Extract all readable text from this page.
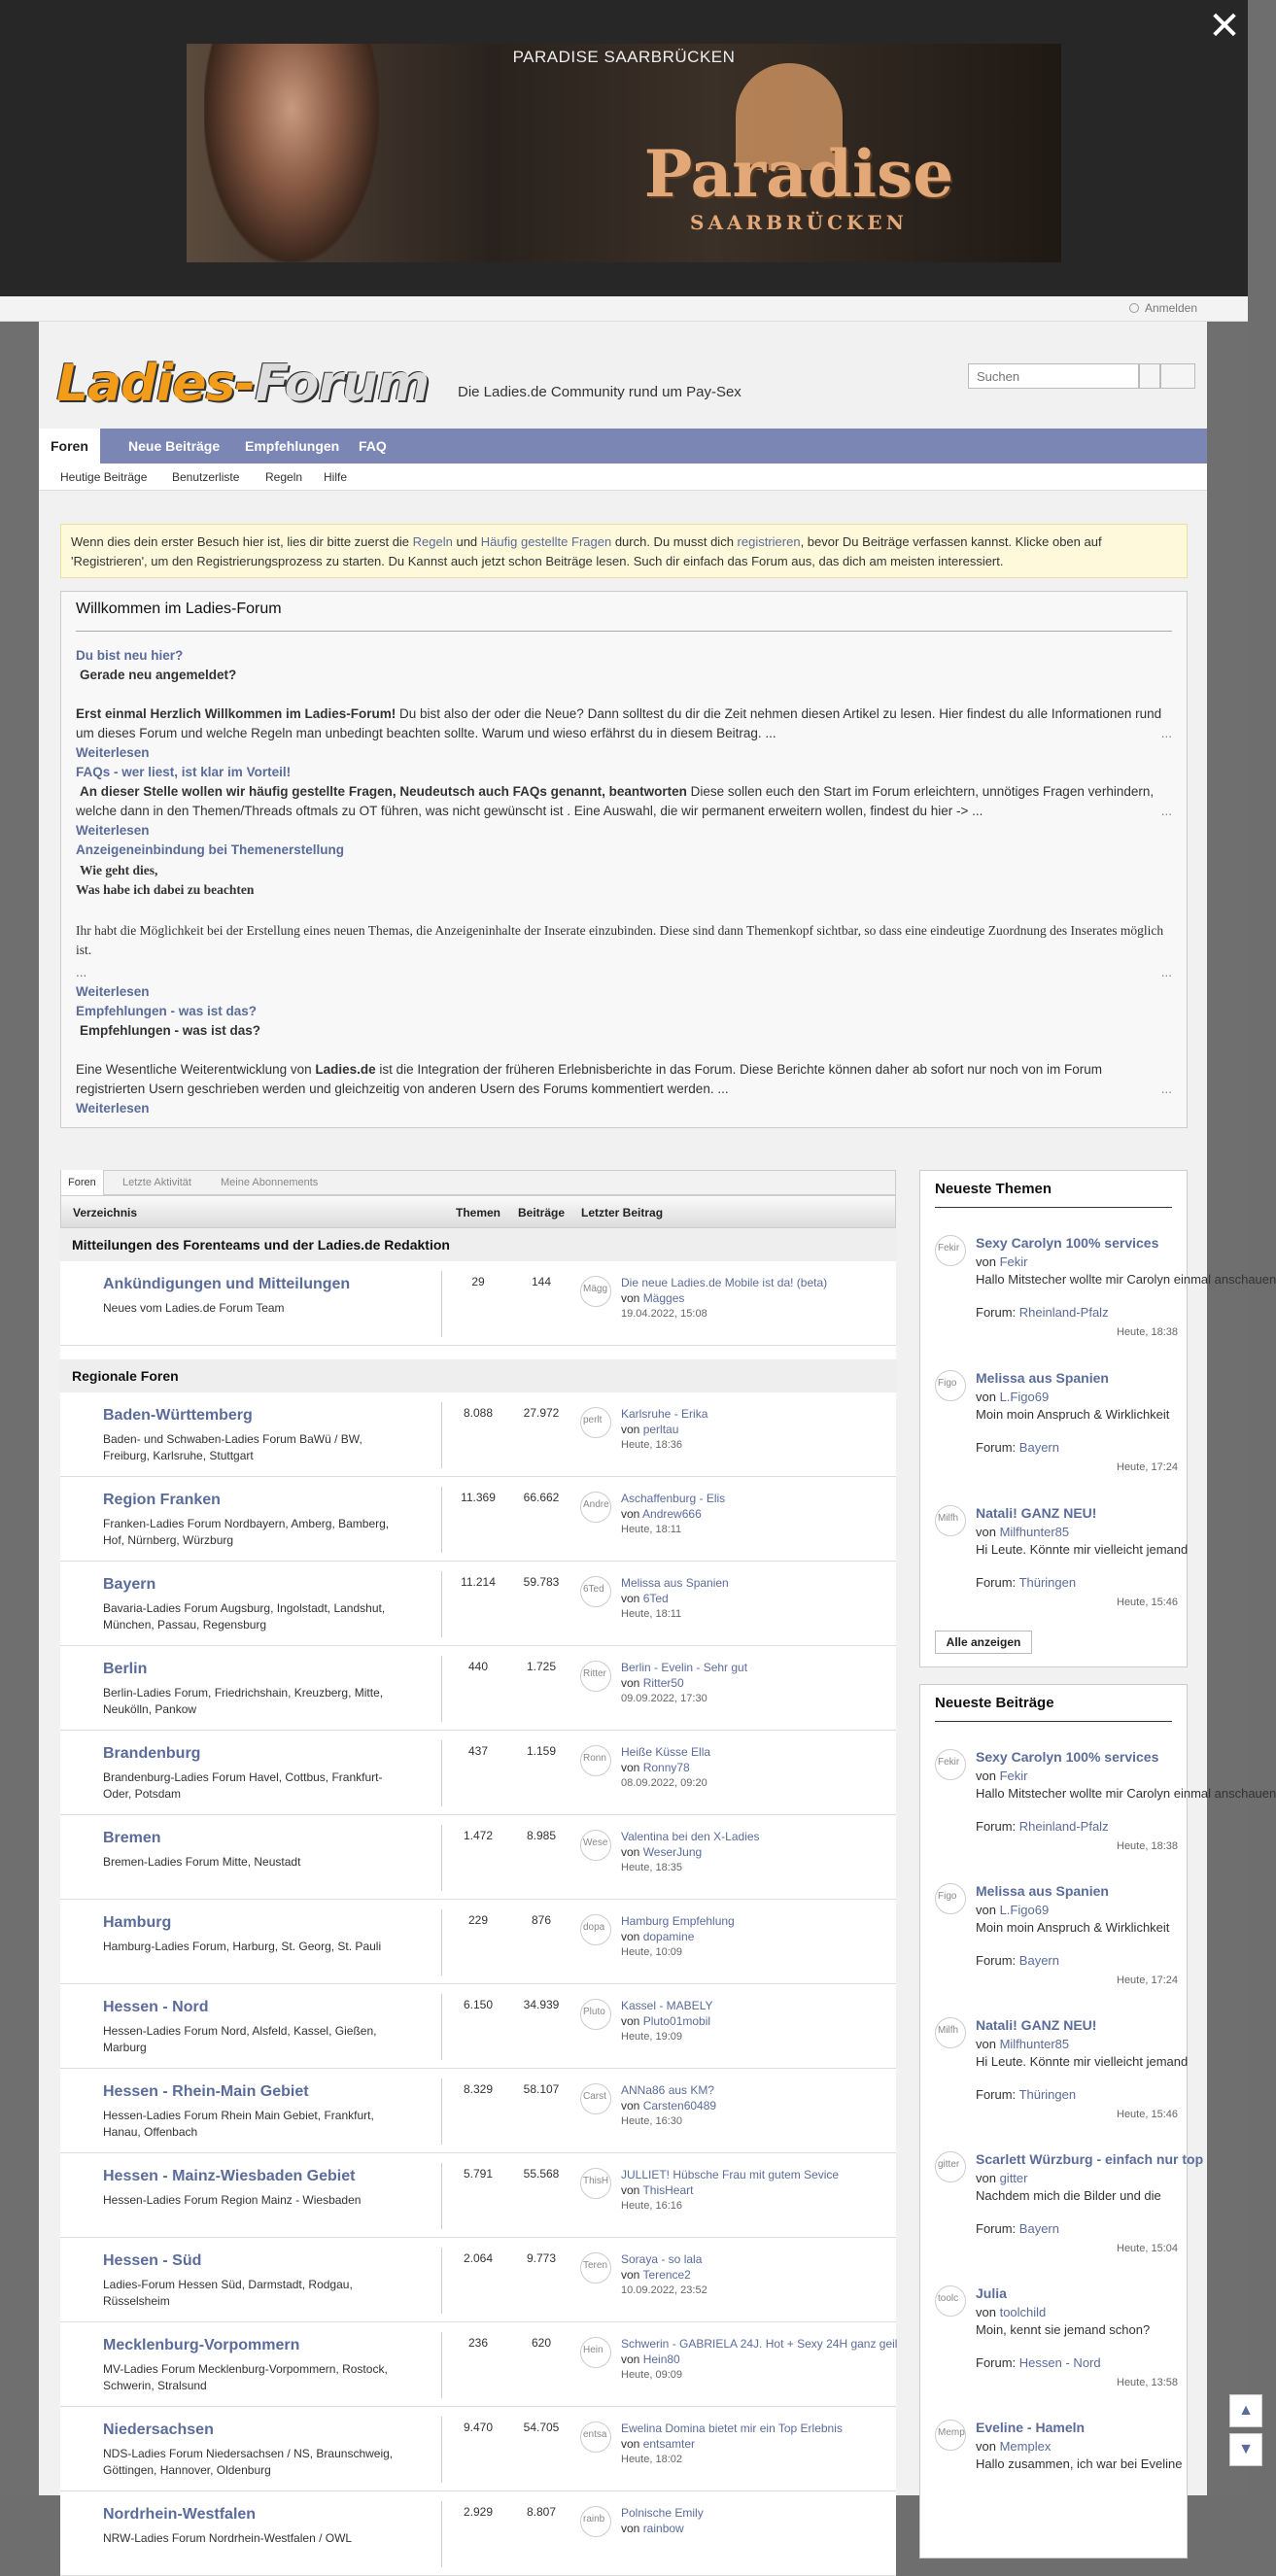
✕
PARADISE SAARBRÜCKEN
Paradise
SAARBRÜCKEN
Anmelden
Ladies-Forum Die Ladies.de Community rund um Pay-Sex
Suchen
Foren	Neue Beiträge	Empfehlungen	FAQ
Heutige Beiträge Benutzerliste Regeln Hilfe
Wenn dies dein erster Besuch hier ist, lies dir bitte zuerst die Regeln und Häufig gestellte Fragen durch. Du musst dich registrieren, bevor Du Beiträge verfassen kannst. Klicke oben auf 'Registrieren', um den Registrierungsprozess zu starten. Du Kannst auch jetzt schon Beiträge lesen. Such dir einfach das Forum aus, das dich am meisten interessiert.
Willkommen im Ladies-Forum
Du bist neu hier?
Gerade neu angemeldet?
Erst einmal Herzlich Willkommen im Ladies-Forum! Du bist also der oder die Neue? Dann solltest du dir die Zeit nehmen diesen Artikel zu lesen. Hier findest du alle Informationen rund um dieses Forum und welche Regeln man unbedingt beachten sollte. Warum und wieso erfährst du in diesem Beitrag. ...	...
Weiterlesen
FAQs - wer liest, ist klar im Vorteil!
An dieser Stelle wollen wir häufig gestellte Fragen, Neudeutsch auch FAQs genannt, beantworten Diese sollen euch den Start im Forum erleichtern, unnötiges Fragen verhindern, welche dann in den Themen/Threads oftmals zu OT führen, was nicht gewünscht ist . Eine Auswahl, die wir permanent erweitern wollen, findest du hier -> ...	...
Weiterlesen
Anzeigeneinbindung bei Themenerstellung
Wie geht dies,
Was habe ich dabei zu beachten
Ihr habt die Möglichkeit bei der Erstellung eines neuen Themas, die Anzeigeninhalte der Inserate einzubinden. Diese sind dann Themenkopf sichtbar, so dass eine eindeutige Zuordnung des Inserates möglich ist.
...	...
Weiterlesen
Empfehlungen - was ist das?
Empfehlungen - was ist das?
Eine Wesentliche Weiterentwicklung von Ladies.de ist die Integration der früheren Erlebnisberichte in das Forum. Diese Berichte können daher ab sofort nur noch von im Forum registrierten Usern geschrieben werden und gleichzeitig von anderen Usern des Forums kommentiert werden. ...	...
Weiterlesen
Foren	Letzte Aktivität	Meine Abonnements
Verzeichnis	Themen Beiträge Letzter Beitrag
Mitteilungen des Forenteams und der Ladies.de Redaktion
Ankündigungen und Mitteilungen
Neues vom Ladies.de Forum Team
29	144
Mägg	Die neue Ladies.de Mobile ist da! (beta)
von Mägges
19.04.2022, 15:08
Regionale Foren
Baden-Württemberg
Baden- und Schwaben-Ladies Forum BaWü / BW, Freiburg, Karlsruhe, Stuttgart
8.088	27.972
perlt	Karlsruhe - Erika
von perltau
Heute, 18:36
Region Franken
Franken-Ladies Forum Nordbayern, Amberg, Bamberg, Hof, Nürnberg, Würzburg
11.369	66.662
Andre Aschaffenburg - Elis
von Andrew666
Heute, 18:11
Bayern
Bavaria-Ladies Forum Augsburg, Ingolstadt, Landshut, München, Passau, Regensburg
11.214	59.783
6Ted	Melissa aus Spanien
von 6Ted
Heute, 18:11
Berlin
Berlin-Ladies Forum, Friedrichshain, Kreuzberg, Mitte, Neukölln, Pankow
440	1.725
Ritter	Berlin - Evelin - Sehr gut
von Ritter50
09.09.2022, 17:30
Brandenburg
Brandenburg-Ladies Forum Havel, Cottbus, Frankfurt-Oder, Potsdam
437	1.159
Ronn	Heiße Küsse Ella
von Ronny78
08.09.2022, 09:20
Bremen
Bremen-Ladies Forum Mitte, Neustadt
1.472	8.985
Wese	Valentina bei den X-Ladies
von WeserJung
Heute, 18:35
Hamburg
Hamburg-Ladies Forum, Harburg, St. Georg, St. Pauli
229	876
dopa	Hamburg Empfehlung
von dopamine
Heute, 10:09
Hessen - Nord
Hessen-Ladies Forum Nord, Alsfeld, Kassel, Gießen, Marburg
6.150	34.939
Pluto	Kassel - MABELY
von Pluto01mobil
Heute, 19:09
Hessen - Rhein-Main Gebiet
Hessen-Ladies Forum Rhein Main Gebiet, Frankfurt, Hanau, Offenbach
8.329	58.107
Carst	ANNa86 aus KM?
von Carsten60489
Heute, 16:30
Hessen - Mainz-Wiesbaden Gebiet
Hessen-Ladies Forum Region Mainz - Wiesbaden
5.791	55.568
ThisH JULLIET! Hübsche Frau mit gutem Sevice
von ThisHeart
Heute, 16:16
Hessen - Süd
Ladies-Forum Hessen Süd, Darmstadt, Rodgau, Rüsselsheim
2.064	9.773
Teren	Soraya - so lala
von Terence2
10.09.2022, 23:52
Mecklenburg-Vorpommern
MV-Ladies Forum Mecklenburg-Vorpommern, Rostock, Schwerin, Stralsund
236	620
Hein	Schwerin - GABRIELA 24J. Hot + Sexy 24H ganz geil
von Hein80
Heute, 09:09
Niedersachsen
NDS-Ladies Forum Niedersachsen / NS, Braunschweig, Göttingen, Hannover, Oldenburg
9.470	54.705
entsa	Ewelina Domina bietet mir ein Top Erlebnis
von entsamter
Heute, 18:02
Nordrhein-Westfalen
NRW-Ladies Forum Nordrhein-Westfalen / OWL
2.929	8.807
rainb	Polnische Emily
von rainbow
Neueste Themen
Fekir	Sexy Carolyn 100% services
von Fekir
Hallo Mitstecher wollte mir Carolyn einmal anschauen
Forum: Rheinland-Pfalz
Heute, 18:38
Figo	Melissa aus Spanien
von L.Figo69
Moin moin Anspruch & Wirklichkeit
Forum: Bayern
Heute, 17:24
Milfh	Natali! GANZ NEU!
von Milfhunter85
Hi Leute. Könnte mir vielleicht jemand
Forum: Thüringen
Heute, 15:46
Alle anzeigen
Neueste Beiträge
Fekir	Sexy Carolyn 100% services
von Fekir
Hallo Mitstecher wollte mir Carolyn einmal anschauen
Forum: Rheinland-Pfalz
Heute, 18:38
Figo	Melissa aus Spanien
von L.Figo69
Moin moin Anspruch & Wirklichkeit
Forum: Bayern
Heute, 17:24
Milfh	Natali! GANZ NEU!
von Milfhunter85
Hi Leute. Könnte mir vielleicht jemand
Forum: Thüringen
Heute, 15:46
gitter	Scarlett Würzburg - einfach nur top
von gitter
Nachdem mich die Bilder und die
Forum: Bayern
Heute, 15:04
toolc	Julia
von toolchild
Moin, kennt sie jemand schon?
Forum: Hessen - Nord
Heute, 13:58
Memp Eveline - Hameln
von Memplex
Hallo zusammen, ich war bei Eveline
▲
▼
